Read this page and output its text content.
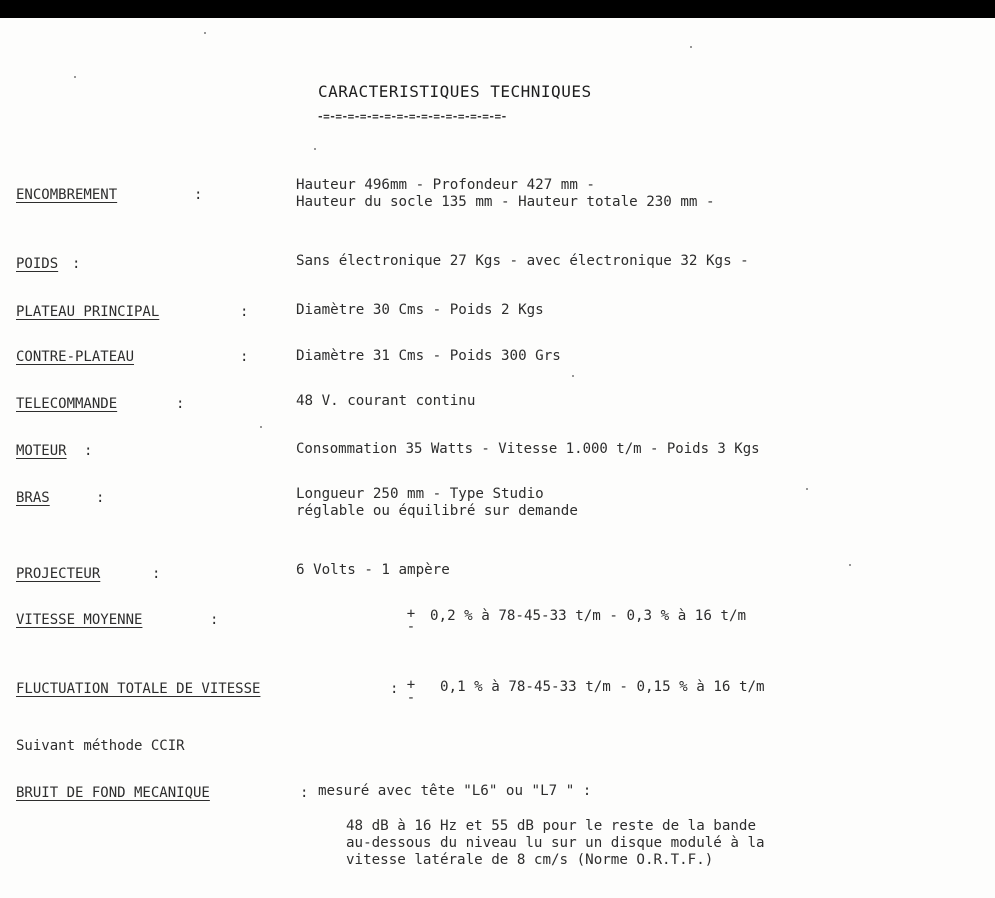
CARACTERISTIQUES TECHNIQUES
-=-=-=-=-=-=-=-=-=-=-=-=-=-=-=-
ENCOMBREMENT	:
Hauteur 496mm - Profondeur 427 mm -
Hauteur du socle 135 mm - Hauteur totale 230 mm -
POIDS :	Sans électronique 27 Kgs - avec électronique 32 Kgs -
PLATEAU PRINCIPAL	:	Diamètre 30 Cms - Poids 2 Kgs
CONTRE-PLATEAU	:	Diamètre 31 Cms - Poids 300 Grs
TELECOMMANDE	:	48 V. courant continu
MOTEUR :	Consommation 35 Watts - Vitesse 1.000 t/m - Poids 3 Kgs
BRAS	:	Longueur 250 mm - Type Studio
réglable ou équilibré sur demande
PROJECTEUR	:	6 Volts - 1 ampère
VITESSE MOYENNE	:	+
-
0,2 % à 78-45-33 t/m - 0,3 % à 16 t/m
FLUCTUATION TOTALE DE VITESSE	: +
-
0,1 % à 78-45-33 t/m - 0,15 % à 16 t/m
Suivant méthode CCIR
BRUIT DE FOND MECANIQUE	: mesuré avec tête "L6" ou "L7 " :
48 dB à 16 Hz et 55 dB pour le reste de la bande
au-dessous du niveau lu sur un disque modulé à la
vitesse latérale de 8 cm/s (Norme O.R.T.F.)
